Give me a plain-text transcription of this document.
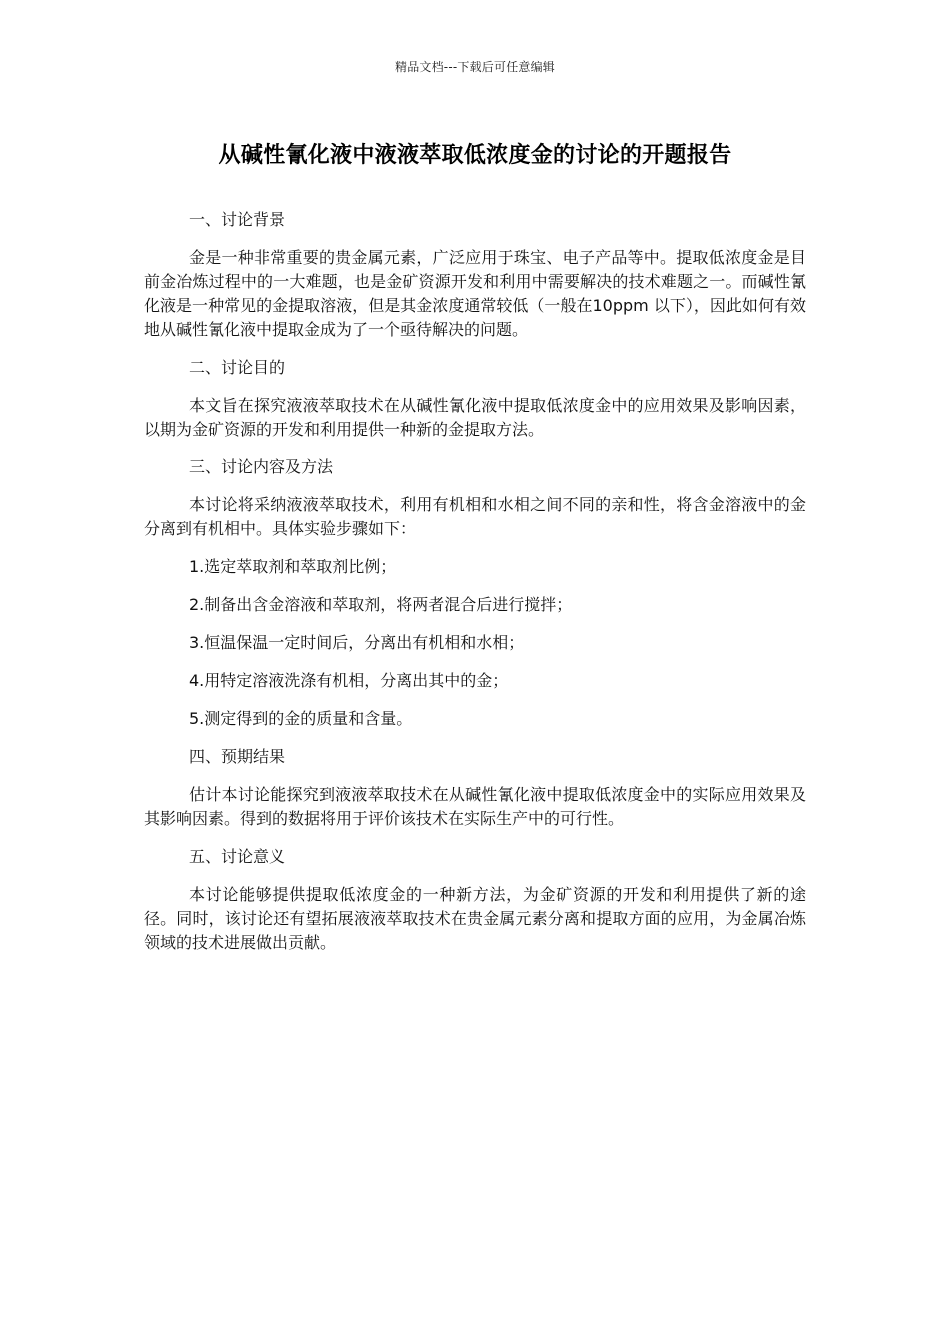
精品文档---下载后可任意编辑
从碱性氰化液中液液萃取低浓度金的讨论的开题报告

一、讨论背景

金是一种非常重要的贵金属元素，广泛应用于珠宝、电子产品等中。提取低浓度金是目前金冶炼过程中的一大难题，也是金矿资源开发和利用中需要解决的技术难题之一。而碱性氰化液是一种常见的金提取溶液，但是其金浓度通常较低（一般在10ppm 以下），因此如何有效地从碱性氰化液中提取金成为了一个亟待解决的问题。

二、讨论目的

本文旨在探究液液萃取技术在从碱性氰化液中提取低浓度金中的应用效果及影响因素，以期为金矿资源的开发和利用提供一种新的金提取方法。

三、讨论内容及方法

本讨论将采纳液液萃取技术，利用有机相和水相之间不同的亲和性，将含金溶液中的金分离到有机相中。具体实验步骤如下：

1.选定萃取剂和萃取剂比例；

2.制备出含金溶液和萃取剂，将两者混合后进行搅拌；

3.恒温保温一定时间后，分离出有机相和水相；

4.用特定溶液洗涤有机相，分离出其中的金；

5.测定得到的金的质量和含量。

四、预期结果

估计本讨论能探究到液液萃取技术在从碱性氰化液中提取低浓度金中的实际应用效果及其影响因素。得到的数据将用于评价该技术在实际生产中的可行性。

五、讨论意义

本讨论能够提供提取低浓度金的一种新方法，为金矿资源的开发和利用提供了新的途径。同时，该讨论还有望拓展液液萃取技术在贵金属元素分离和提取方面的应用，为金属冶炼领域的技术进展做出贡献。
